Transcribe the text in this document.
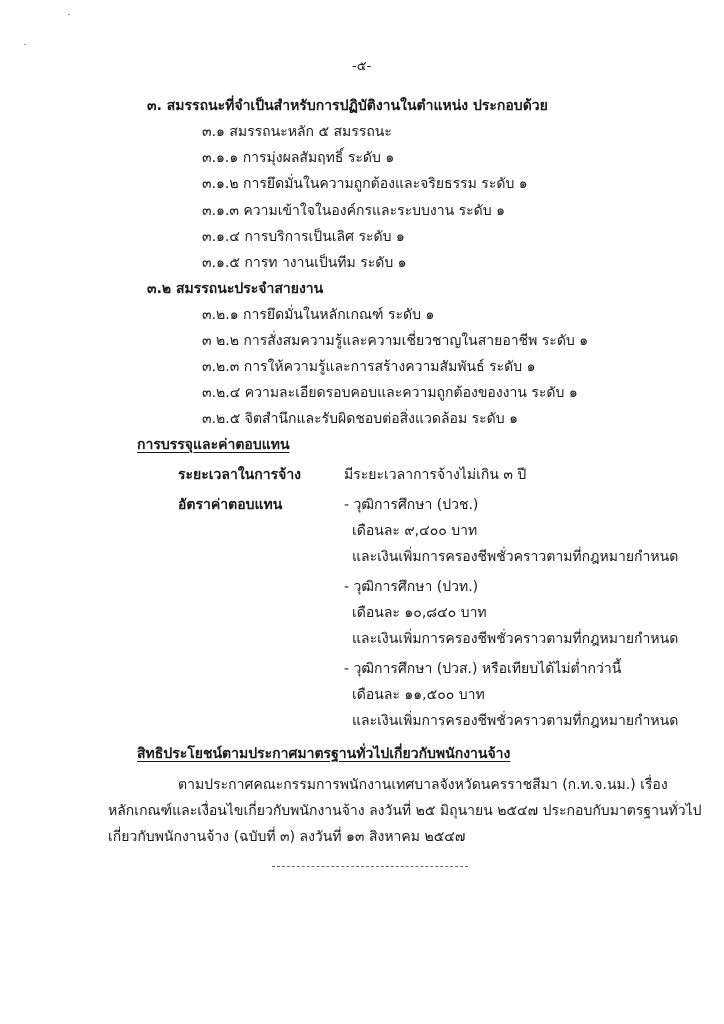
-๕-
๓. สมรรถนะที่จำเป็นสำหรับการปฏิบัติงานในตำแหน่ง ประกอบด้วย
๓.๑ สมรรถนะหลัก ๕ สมรรถนะ
๓.๑.๑ การมุ่งผลสัมฤทธิ์ ระดับ ๑
๓.๑.๒ การยึดมั่นในความถูกต้องและจริยธรรม ระดับ ๑
๓.๑.๓ ความเข้าใจในองค์กรและระบบงาน ระดับ ๑
๓.๑.๔ การบริการเป็นเลิศ ระดับ ๑
๓.๑.๕ การท างานเป็นทีม ระดับ ๑
๓.๒ สมรรถนะประจำสายงาน
๓.๒.๑ การยึดมั่นในหลักเกณฑ์ ระดับ ๑
๓ ๒.๒ การสั่งสมความรู้และความเชี่ยวชาญในสายอาชีพ ระดับ ๑
๓.๒.๓ การให้ความรู้และการสร้างความสัมพันธ์ ระดับ ๑
๓.๒.๔ ความละเอียดรอบคอบและความถูกต้องของงาน ระดับ ๑
๓.๒.๕ จิตสำนึกและรับผิดชอบต่อสิ่งแวดล้อม ระดับ ๑
การบรรจุและค่าตอบแทน
ระยะเวลาในการจ้าง	มีระยะเวลาการจ้างไม่เกิน ๓ ปี
อัตราค่าตอบแทน	- วุฒิการศึกษา (ปวช.)
เดือนละ ๙,๔๐๐ บาท
และเงินเพิ่มการครองชีพชั่วคราวตามที่กฎหมายกำหนด
- วุฒิการศึกษา (ปวท.)
เดือนละ ๑๐,๘๔๐ บาท
และเงินเพิ่มการครองชีพชั่วคราวตามที่กฎหมายกำหนด
- วุฒิการศึกษา (ปวส.) หรือเทียบได้ไม่ต่ำกว่านี้
เดือนละ ๑๑,๕๐๐ บาท
และเงินเพิ่มการครองชีพชั่วคราวตามที่กฎหมายกำหนด
สิทธิประโยชน์ตามประกาศมาตรฐานทั่วไปเกี่ยวกับพนักงานจ้าง
ตามประกาศคณะกรรมการพนักงานเทศบาลจังหวัดนครราชสีมา (ก.ท.จ.นม.) เรื่อง
หลักเกณฑ์และเงื่อนไขเกี่ยวกับพนักงานจ้าง ลงวันที่ ๒๕ มิถุนายน ๒๕๔๗ ประกอบกับมาตรฐานทั่วไป
เกี่ยวกับพนักงานจ้าง (ฉบับที่ ๓) ลงวันที่ ๑๓ สิงหาคม ๒๕๔๗
